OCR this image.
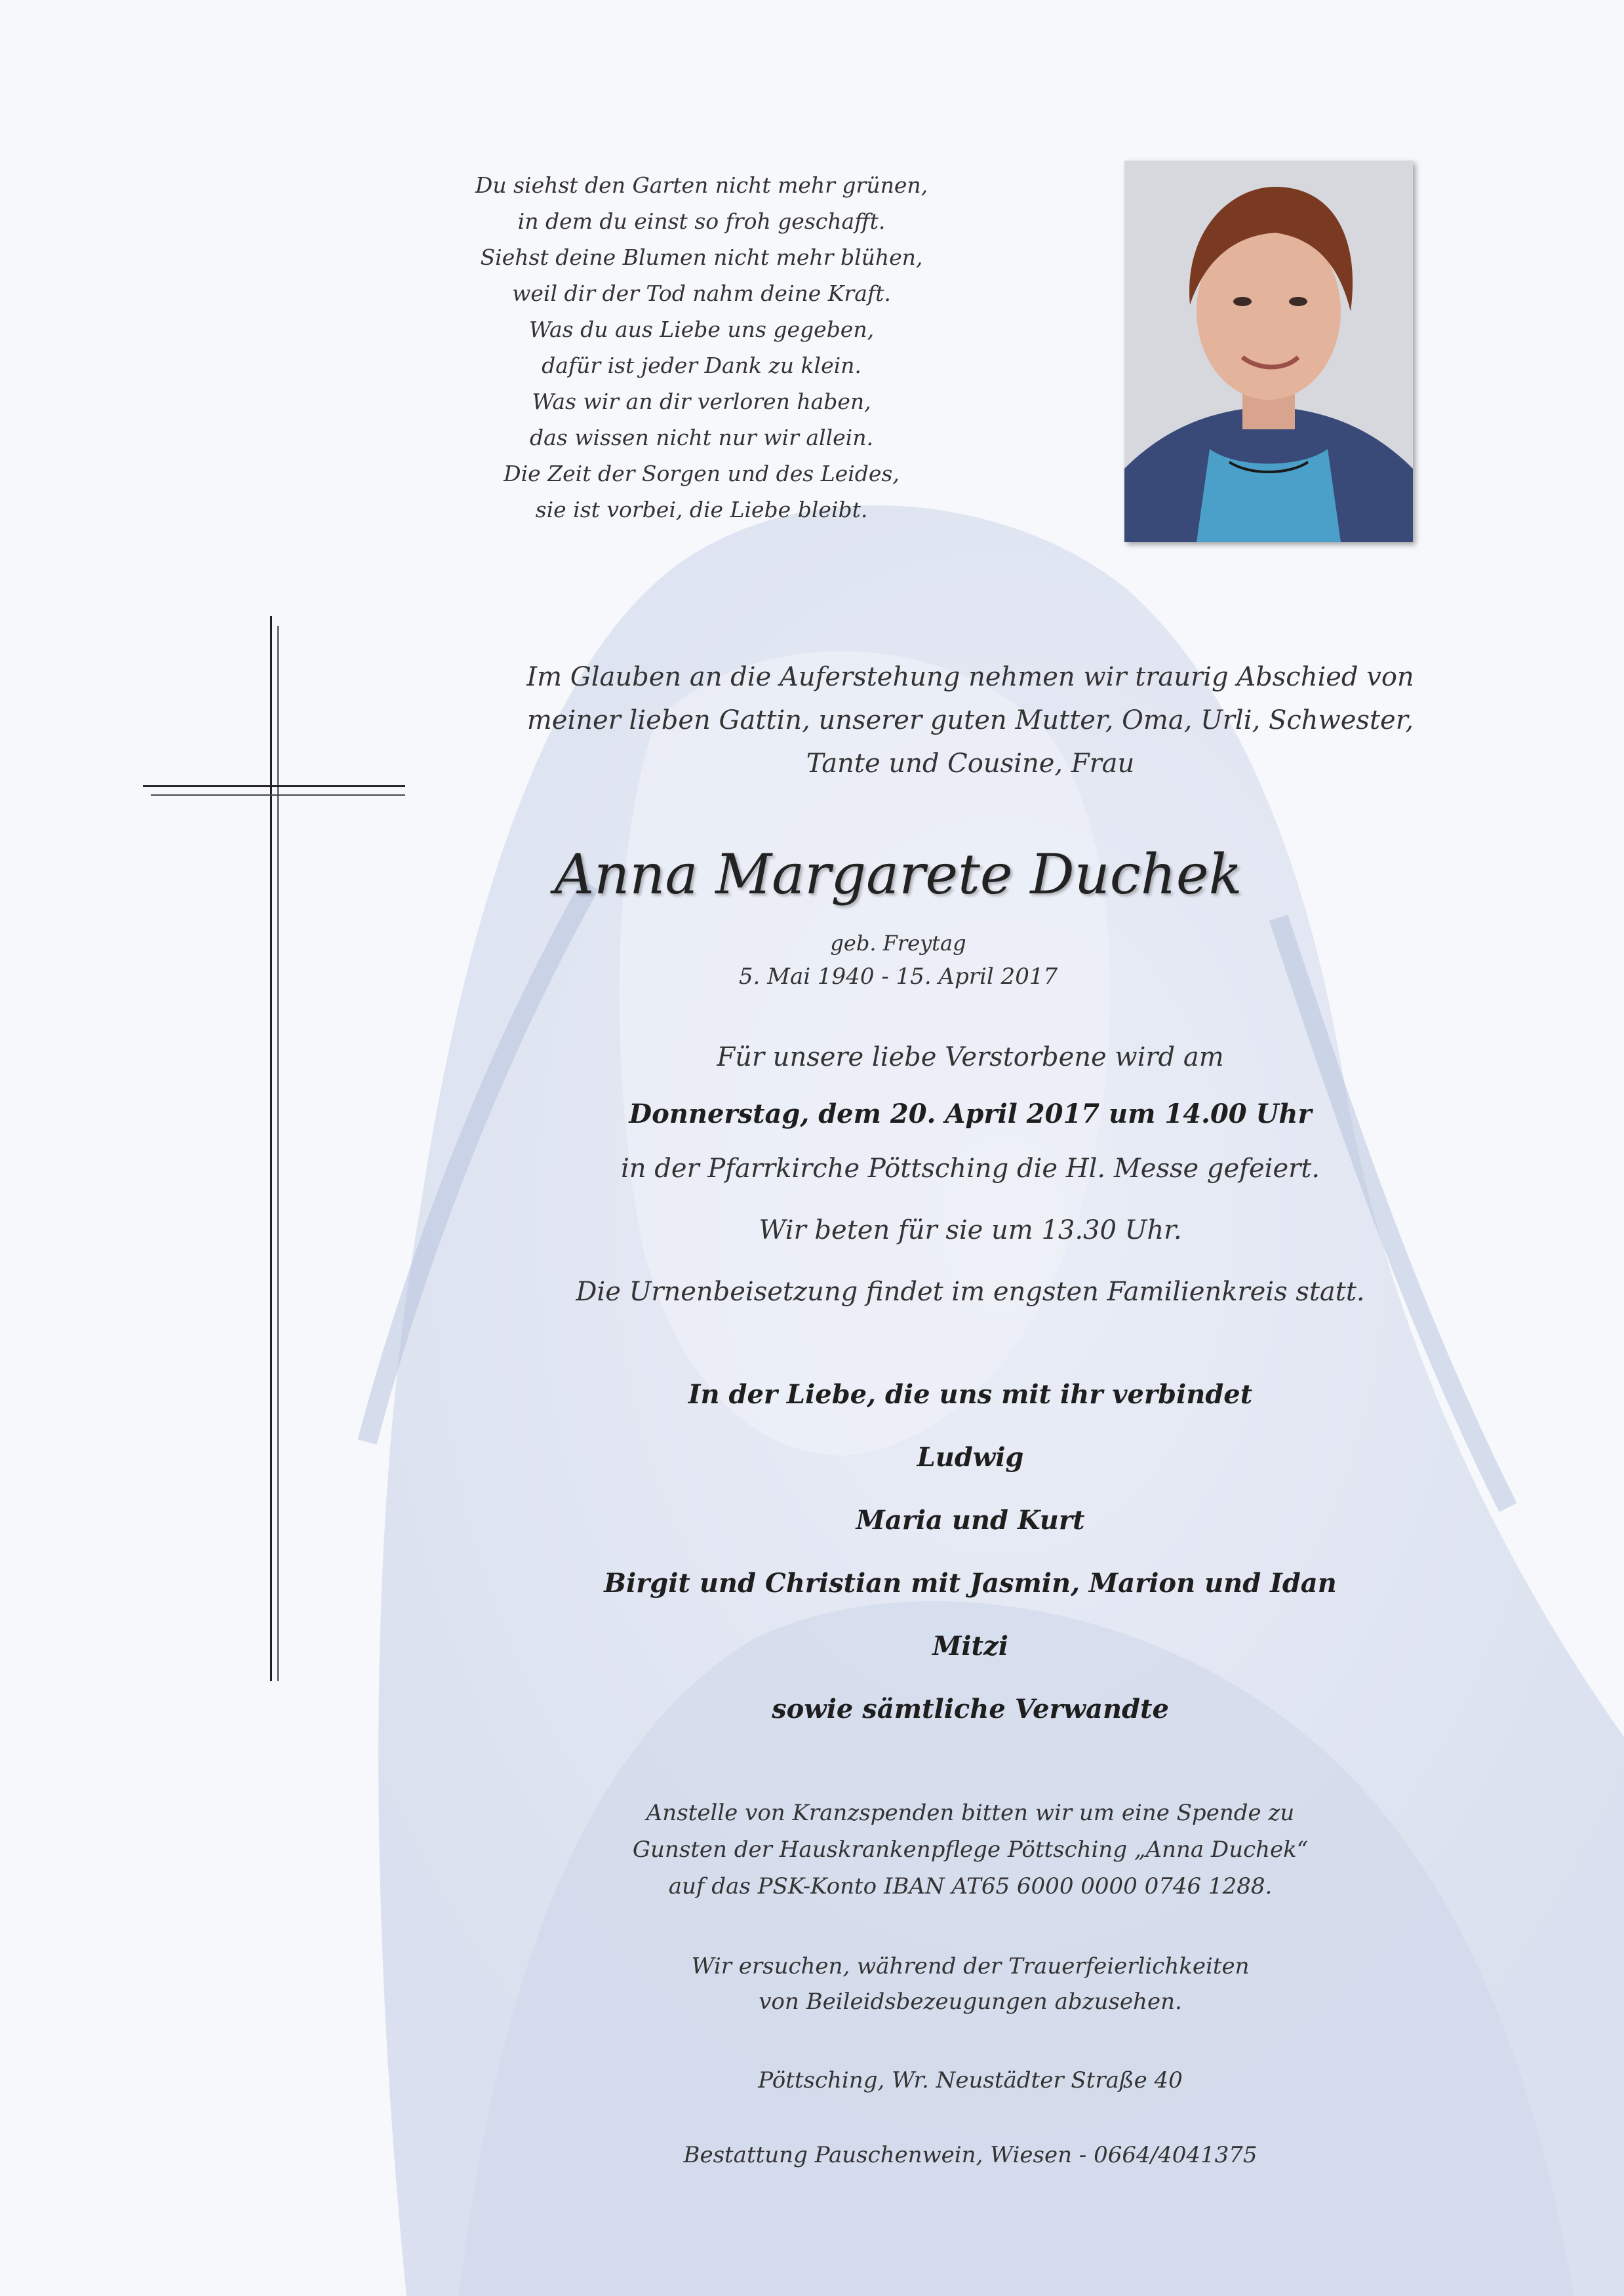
Du siehst den Garten nicht mehr grünen,
in dem du einst so froh geschafft.
Siehst deine Blumen nicht mehr blühen,
weil dir der Tod nahm deine Kraft.
Was du aus Liebe uns gegeben,
dafür ist jeder Dank zu klein.
Was wir an dir verloren haben,
das wissen nicht nur wir allein.
Die Zeit der Sorgen und des Leides,
sie ist vorbei, die Liebe bleibt.
Im Glauben an die Auferstehung nehmen wir traurig Abschied von
meiner lieben Gattin, unserer guten Mutter, Oma, Urli, Schwester,
Tante und Cousine, Frau
Anna Margarete Duchek
geb. Freytag
5. Mai 1940 - 15. April 2017
Für unsere liebe Verstorbene wird am
Donnerstag, dem 20. April 2017 um 14.00 Uhr
in der Pfarrkirche Pöttsching die Hl. Messe gefeiert.
Wir beten für sie um 13.30 Uhr.
Die Urnenbeisetzung findet im engsten Familienkreis statt.
In der Liebe, die uns mit ihr verbindet
Ludwig
Maria und Kurt
Birgit und Christian mit Jasmin, Marion und Idan
Mitzi
sowie sämtliche Verwandte
Anstelle von Kranzspenden bitten wir um eine Spende zu
Gunsten der Hauskrankenpflege Pöttsching „Anna Duchek“
auf das PSK-Konto IBAN AT65 6000 0000 0746 1288.
Wir ersuchen, während der Trauerfeierlichkeiten
von Beileidsbezeugungen abzusehen.
Pöttsching, Wr. Neustädter Straße 40
Bestattung Pauschenwein, Wiesen - 0664/4041375
